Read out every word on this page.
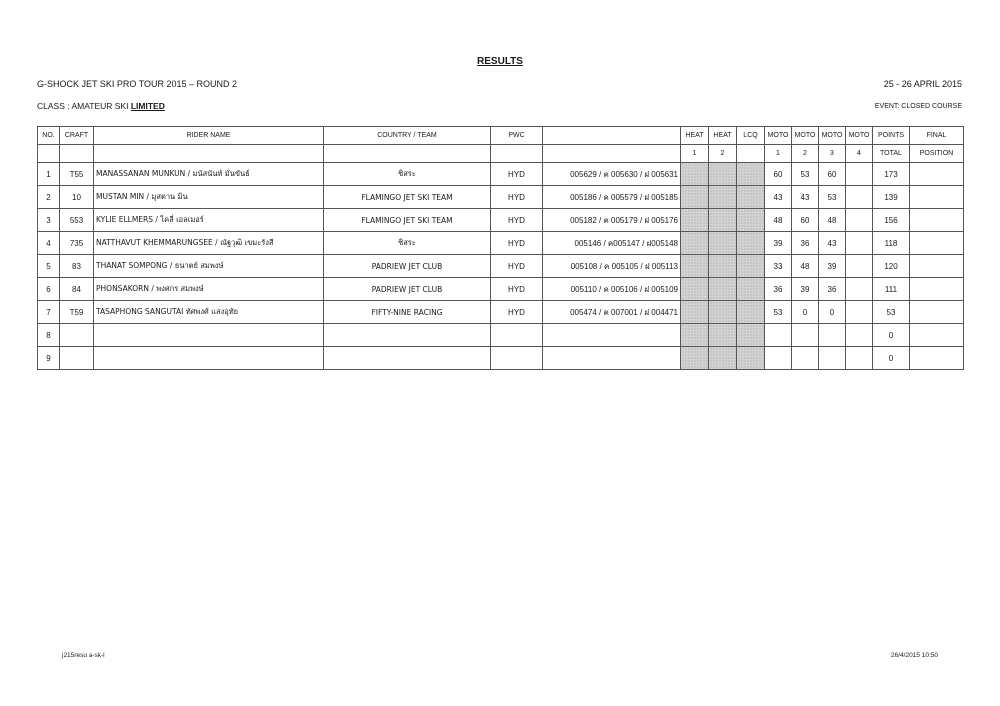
RESULTS
G-SHOCK JET SKI PRO TOUR 2015 – ROUND 2	25 - 26 APRIL 2015
CLASS : AMATEUR SKI LIMITED	EVENT: CLOSED COURSE
NO.	CRAFT	RIDER NAME	COUNTRY / TEAM	PWC		HEAT	HEAT	LCQ	MOTO	MOTO	MOTO	MOTO	POINTS	FINAL
						1	2		1	2	3	4	TOTAL	POSITION
1	T55	MANASSANAN MUNKUN / มนัสนันท์ มั่นขันธ์	ชิสระ	HYD	005629 / ค 005630 / ฝ 005631				60	53	60		173	
2	10	MUSTAN MIN / มุสตาน มิน	FLAMINGO JET SKI TEAM	HYD	005186 / ค 005579 / ฝ 005185				43	43	53		139	
3	553	KYLIE ELLMERS / ไคลี่ เอลเมอร์	FLAMINGO JET SKI TEAM	HYD	005182 / ค 005179 / ฝ 005176				48	60	48		156	
4	735	NATTHAVUT KHEMMARUNGSEE / ณัฐวุฒิ เขมะรังสี	ชิสระ	HYD	005146 / ค005147 / ฝ005148				39	36	43		118	
5	83	THANAT SOMPONG / ธนาตย์ สมพงษ์	PADRIEW JET CLUB	HYD	005108 / ค 005105 / ฝ 005113				33	48	39		120	
6	84	PHONSAKORN / พงศกร สมพงษ์	PADRIEW JET CLUB	HYD	005110 / ค 005106 / ฝ 005109				36	39	36		111	
7	T59	TASAPHONG SANGUTAI ทัศพงศ์ แสงอุทัย	FIFTY-NINE RACING	HYD	005474 / ค 007001 / ฝ 004471				53	0	0		53	
8													0	
9													0	
j215resu a-sk-l	26/4/2015 10:50
